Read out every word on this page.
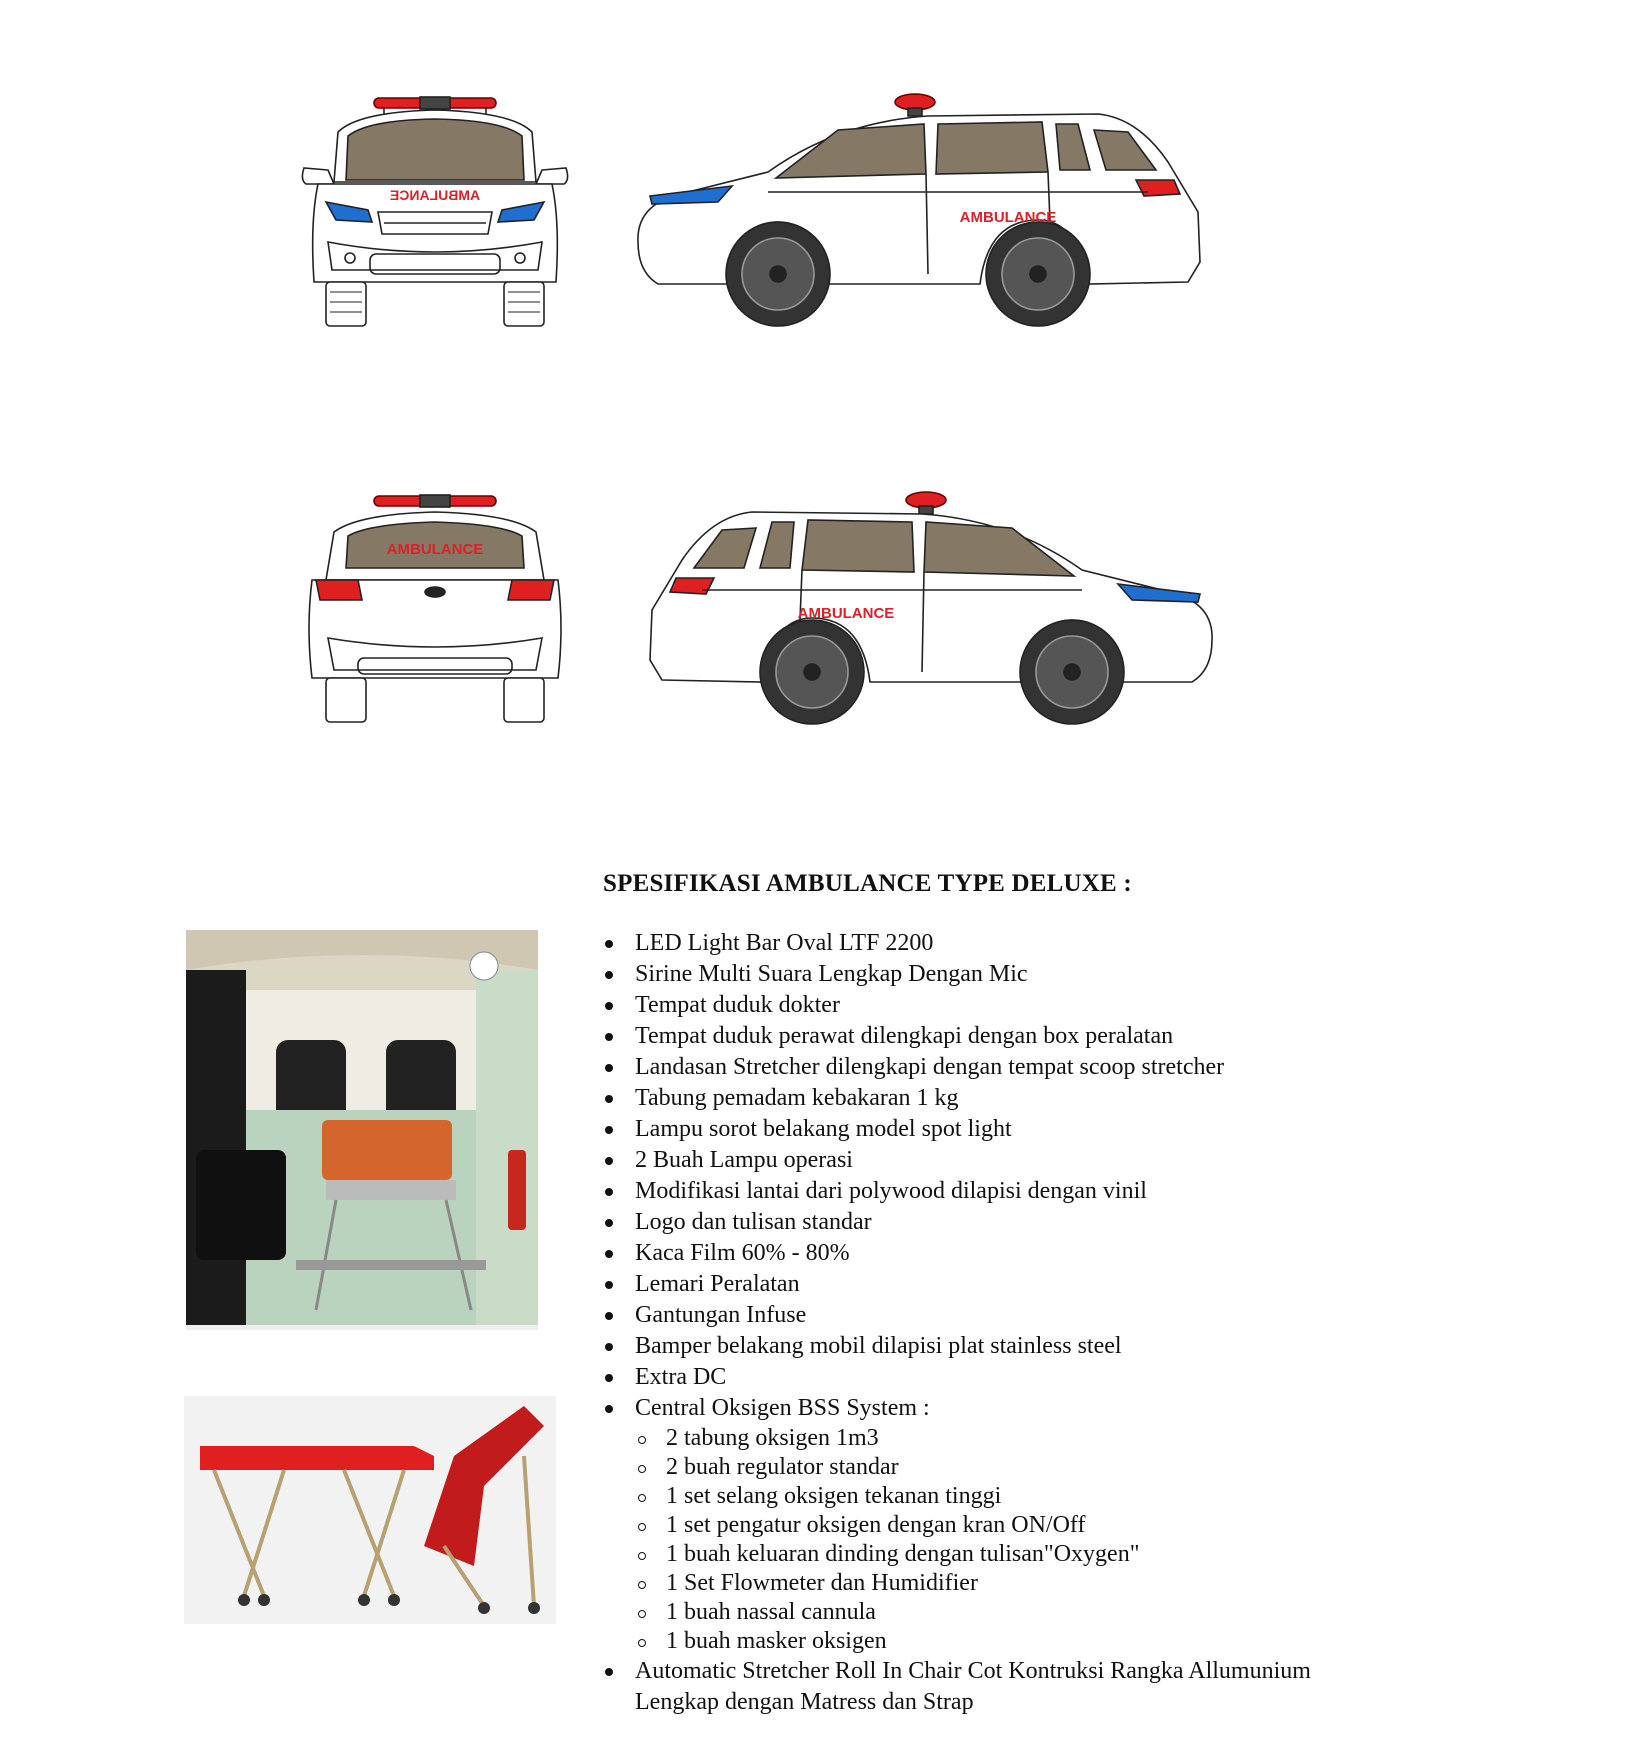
AMBULANCE
AMBULANCE
AMBULANCE
AMBULANCE
SPESIFIKASI AMBULANCE TYPE DELUXE :
LED Light Bar Oval LTF 2200
Sirine Multi Suara Lengkap Dengan Mic
Tempat duduk dokter
Tempat duduk perawat dilengkapi dengan box peralatan
Landasan Stretcher dilengkapi dengan tempat scoop stretcher
Tabung pemadam kebakaran 1 kg
Lampu sorot belakang model spot light
2 Buah Lampu operasi
Modifikasi lantai dari polywood dilapisi dengan vinil
Logo dan tulisan standar
Kaca Film 60% - 80%
Lemari Peralatan
Gantungan Infuse
Bamper belakang mobil dilapisi plat stainless steel
Extra DC
Central Oksigen BSS System :
2 tabung oksigen 1m3
2 buah regulator standar
1 set selang oksigen tekanan tinggi
1 set pengatur oksigen dengan kran ON/Off
1 buah keluaran dinding dengan tulisan"Oxygen"
1 Set Flowmeter dan Humidifier
1 buah nassal cannula
1 buah masker oksigen
Automatic Stretcher Roll In Chair Cot Kontruksi Rangka Allumunium Lengkap dengan Matress dan Strap
